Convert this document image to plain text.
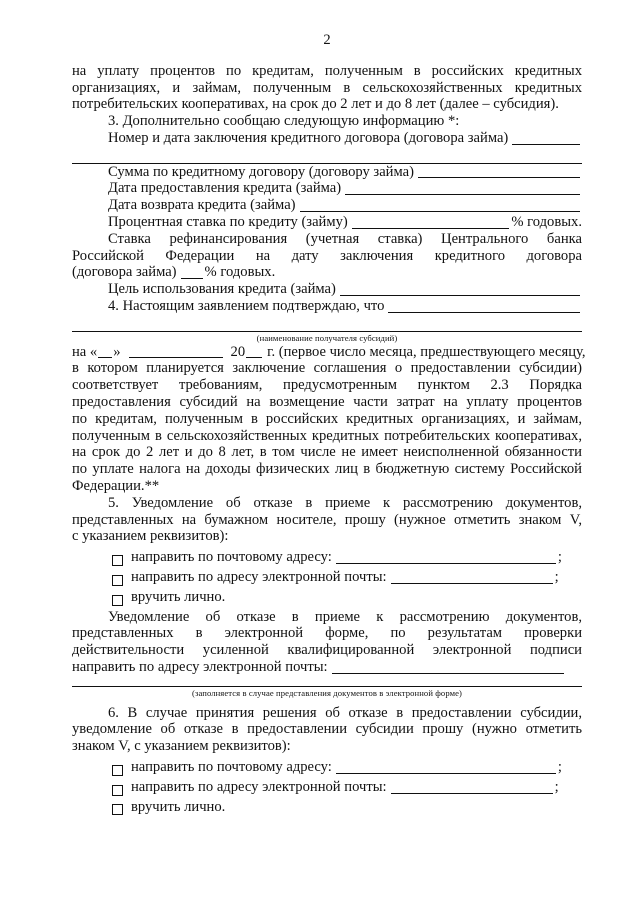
2
на уплату процентов по кредитам, полученным в российских кредитных
организациях, и займам, полученным в сельскохозяйственных кредитных
потребительских кооперативах, на срок до 2 лет и до 8 лет (далее – субсидия).
3. Дополнительно сообщаю следующую информацию *:
Номер и дата заключения кредитного договора (договора займа)
Сумма по кредитному договору (договору займа)
Дата предоставления кредита (займа)
Дата возврата кредита (займа)
Процентная ставка по кредиту (займу)	% годовых.
Ставка рефинансирования (учетная ставка) Центрального банка
Российской Федерации на дату заключения кредитного договора
(договора займа) % годовых.
Цель использования кредита (займа)
4. Настоящим заявлением подтверждаю, что
(наименование получателя субсидий)
на « »	20 г. (первое число месяца, предшествующего месяцу,
в котором планируется заключение соглашения о предоставлении субсидии)
соответствует требованиям, предусмотренным пунктом 2.3 Порядка
предоставления субсидий на возмещение части затрат на уплату процентов
по кредитам, полученным в российских кредитных организациях, и займам,
полученным в сельскохозяйственных кредитных потребительских кооперативах,
на срок до 2 лет и до 8 лет, в том числе не имеет неисполненной обязанности
по уплате налога на доходы физических лиц в бюджетную систему Российской
Федерации.**
5. Уведомление об отказе в приеме к рассмотрению документов,
представленных на бумажном носителе, прошу (нужное отметить знаком V,
с указанием реквизитов):
направить по почтовому адресу:	;
направить по адресу электронной почты:	;
вручить лично.
Уведомление об отказе в приеме к рассмотрению документов,
представленных в электронной форме, по результатам проверки
действительности усиленной квалифицированной электронной подписи
направить по адресу электронной почты:
(заполняется в случае представления документов в электронной форме)
6. В случае принятия решения об отказе в предоставлении субсидии,
уведомление об отказе в предоставлении субсидии прошу (нужно отметить
знаком V, с указанием реквизитов):
направить по почтовому адресу:	;
направить по адресу электронной почты:	;
вручить лично.
